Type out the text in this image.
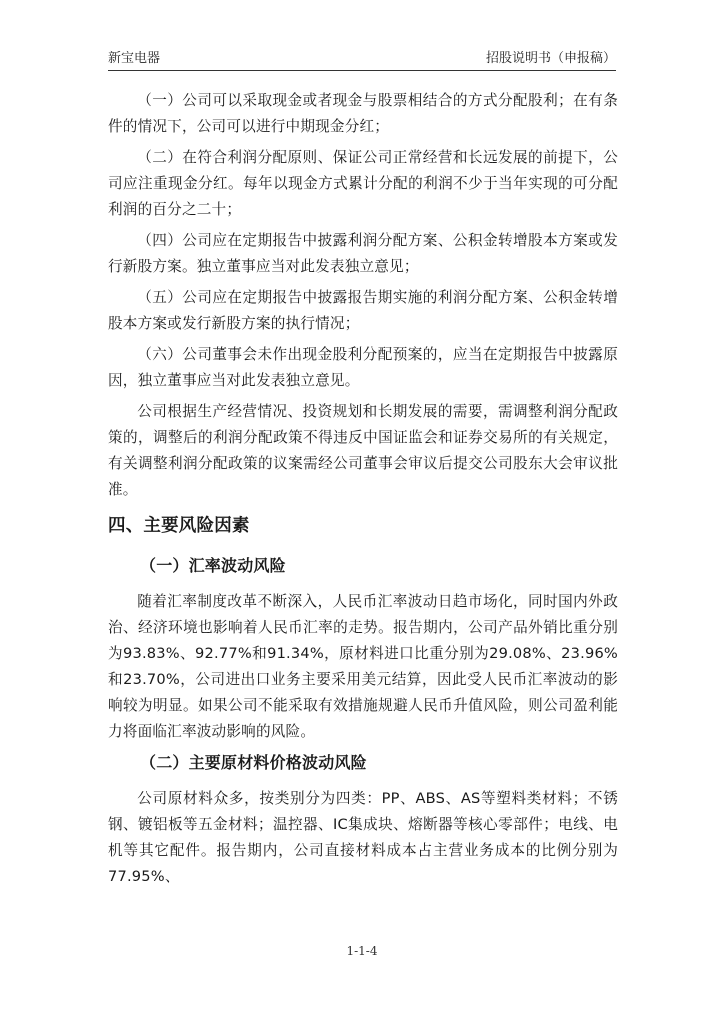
新宝电器	招股说明书（申报稿）

（一）公司可以采取现金或者现金与股票相结合的方式分配股利；在有条件的情况下，公司可以进行中期现金分红；

（二）在符合利润分配原则、保证公司正常经营和长远发展的前提下，公司应注重现金分红。每年以现金方式累计分配的利润不少于当年实现的可分配利润的百分之二十；

（四）公司应在定期报告中披露利润分配方案、公积金转增股本方案或发行新股方案。独立董事应当对此发表独立意见；

（五）公司应在定期报告中披露报告期实施的利润分配方案、公积金转增股本方案或发行新股方案的执行情况；

（六）公司董事会未作出现金股利分配预案的，应当在定期报告中披露原因，独立董事应当对此发表独立意见。

公司根据生产经营情况、投资规划和长期发展的需要，需调整利润分配政策的，调整后的利润分配政策不得违反中国证监会和证券交易所的有关规定，有关调整利润分配政策的议案需经公司董事会审议后提交公司股东大会审议批准。

四、主要风险因素
（一）汇率波动风险

随着汇率制度改革不断深入，人民币汇率波动日趋市场化，同时国内外政治、经济环境也影响着人民币汇率的走势。报告期内，公司产品外销比重分别为93.83%、92.77%和91.34%，原材料进口比重分别为29.08%、23.96%和23.70%，公司进出口业务主要采用美元结算，因此受人民币汇率波动的影响较为明显。如果公司不能采取有效措施规避人民币升值风险，则公司盈利能力将面临汇率波动影响的风险。

（二）主要原材料价格波动风险

公司原材料众多，按类别分为四类：PP、ABS、AS等塑料类材料；不锈钢、镀铝板等五金材料；温控器、IC集成块、熔断器等核心零部件；电线、电机等其它配件。报告期内，公司直接材料成本占主营业务成本的比例分别为77.95%、

1-1-4
